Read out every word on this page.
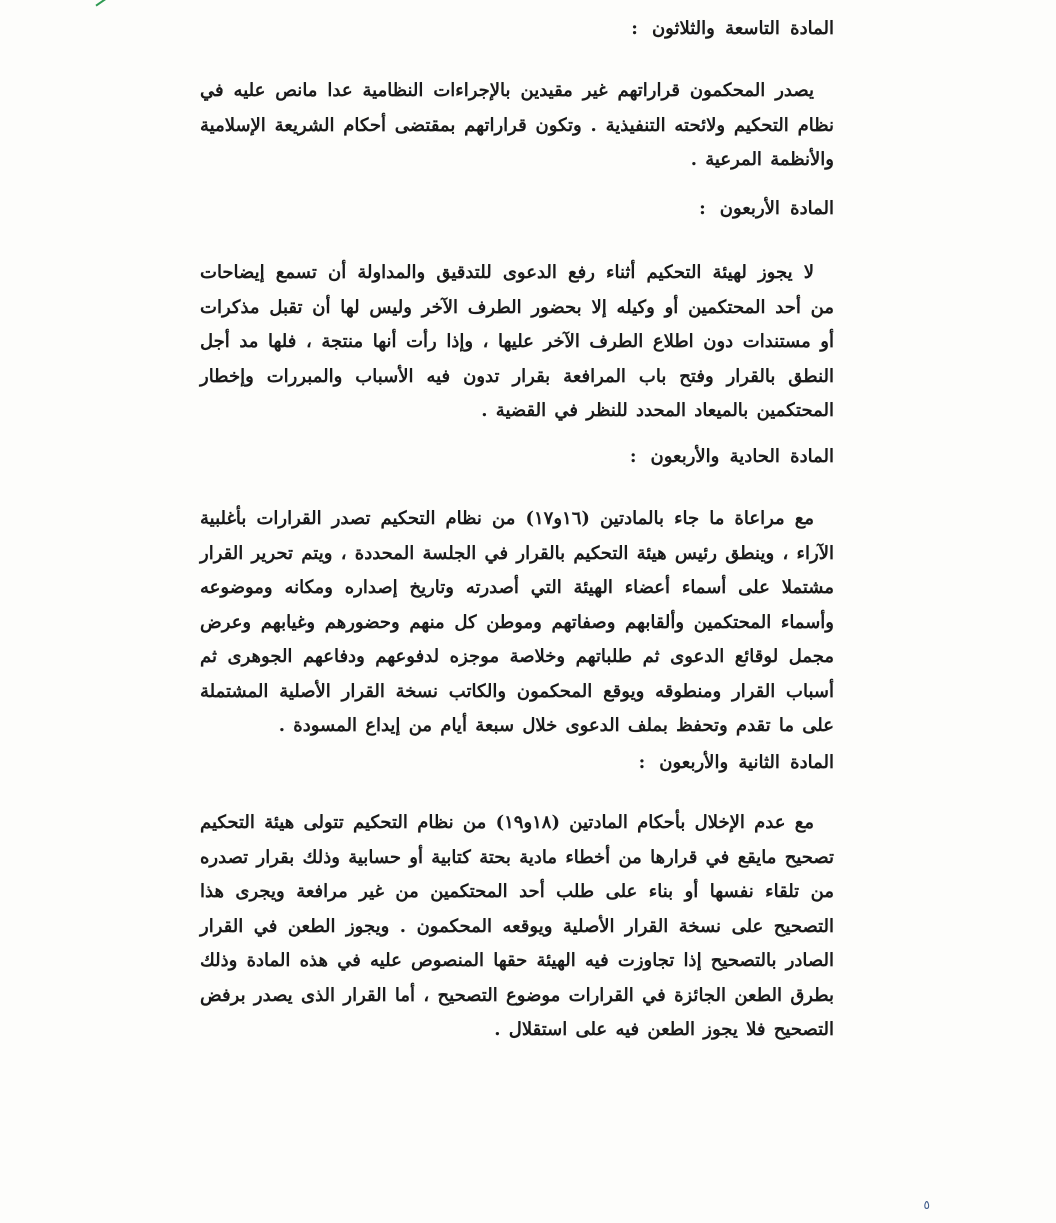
المادة التاسعة والثلاثون:

يصدر المحكمون قراراتهم غير مقيدين بالإجراءات النظامية عدا مانص عليه في نظام التحكيم ولائحته التنفيذية . وتكون قراراتهم بمقتضى أحكام الشريعة الإسلامية والأنظمة المرعية .

المادة الأربعون:

لا يجوز لهيئة التحكيم أثناء رفع الدعوى للتدقيق والمداولة أن تسمع إيضاحات من أحد المحتكمين أو وكيله إلا بحضور الطرف الآخر وليس لها أن تقبل مذكرات أو مستندات دون اطلاع الطرف الآخر عليها ، وإذا رأت أنها منتجة ، فلها مد أجل النطق بالقرار وفتح باب المرافعة بقرار تدون فيه الأسباب والمبررات وإخطار المحتكمين بالميعاد المحدد للنظر في القضية .

المادة الحادية والأربعون:

مع مراعاة ما جاء بالمادتين (١٦و١٧) من نظام التحكيم تصدر القرارات بأغلبية الآراء ، وينطق رئيس هيئة التحكيم بالقرار في الجلسة المحددة ، ويتم تحرير القرار مشتملا على أسماء أعضاء الهيئة التي أصدرته وتاريخ إصداره ومكانه وموضوعه وأسماء المحتكمين وألقابهم وصفاتهم وموطن كل منهم وحضورهم وغيابهم وعرض مجمل لوقائع الدعوى ثم طلباتهم وخلاصة موجزه لدفوعهم ودفاعهم الجوهرى ثم أسباب القرار ومنطوقه ويوقع المحكمون والكاتب نسخة القرار الأصلية المشتملة على ما تقدم وتحفظ بملف الدعوى خلال سبعة أيام من إيداع المسودة .

المادة الثانية والأربعون:

مع عدم الإخلال بأحكام المادتين (١٨و١٩) من نظام التحكيم تتولى هيئة التحكيم تصحيح مايقع في قرارها من أخطاء مادية بحتة كتابية أو حسابية وذلك بقرار تصدره من تلقاء نفسها أو بناء على طلب أحد المحتكمين من غير مرافعة ويجرى هذا التصحيح على نسخة القرار الأصلية ويوقعه المحكمون . ويجوز الطعن في القرار الصادر بالتصحيح إذا تجاوزت فيه الهيئة حقها المنصوص عليه في هذه المادة وذلك بطرق الطعن الجائزة في القرارات موضوع التصحيح ، أما القرار الذى يصدر برفض التصحيح فلا يجوز الطعن فيه على استقلال .

٥
